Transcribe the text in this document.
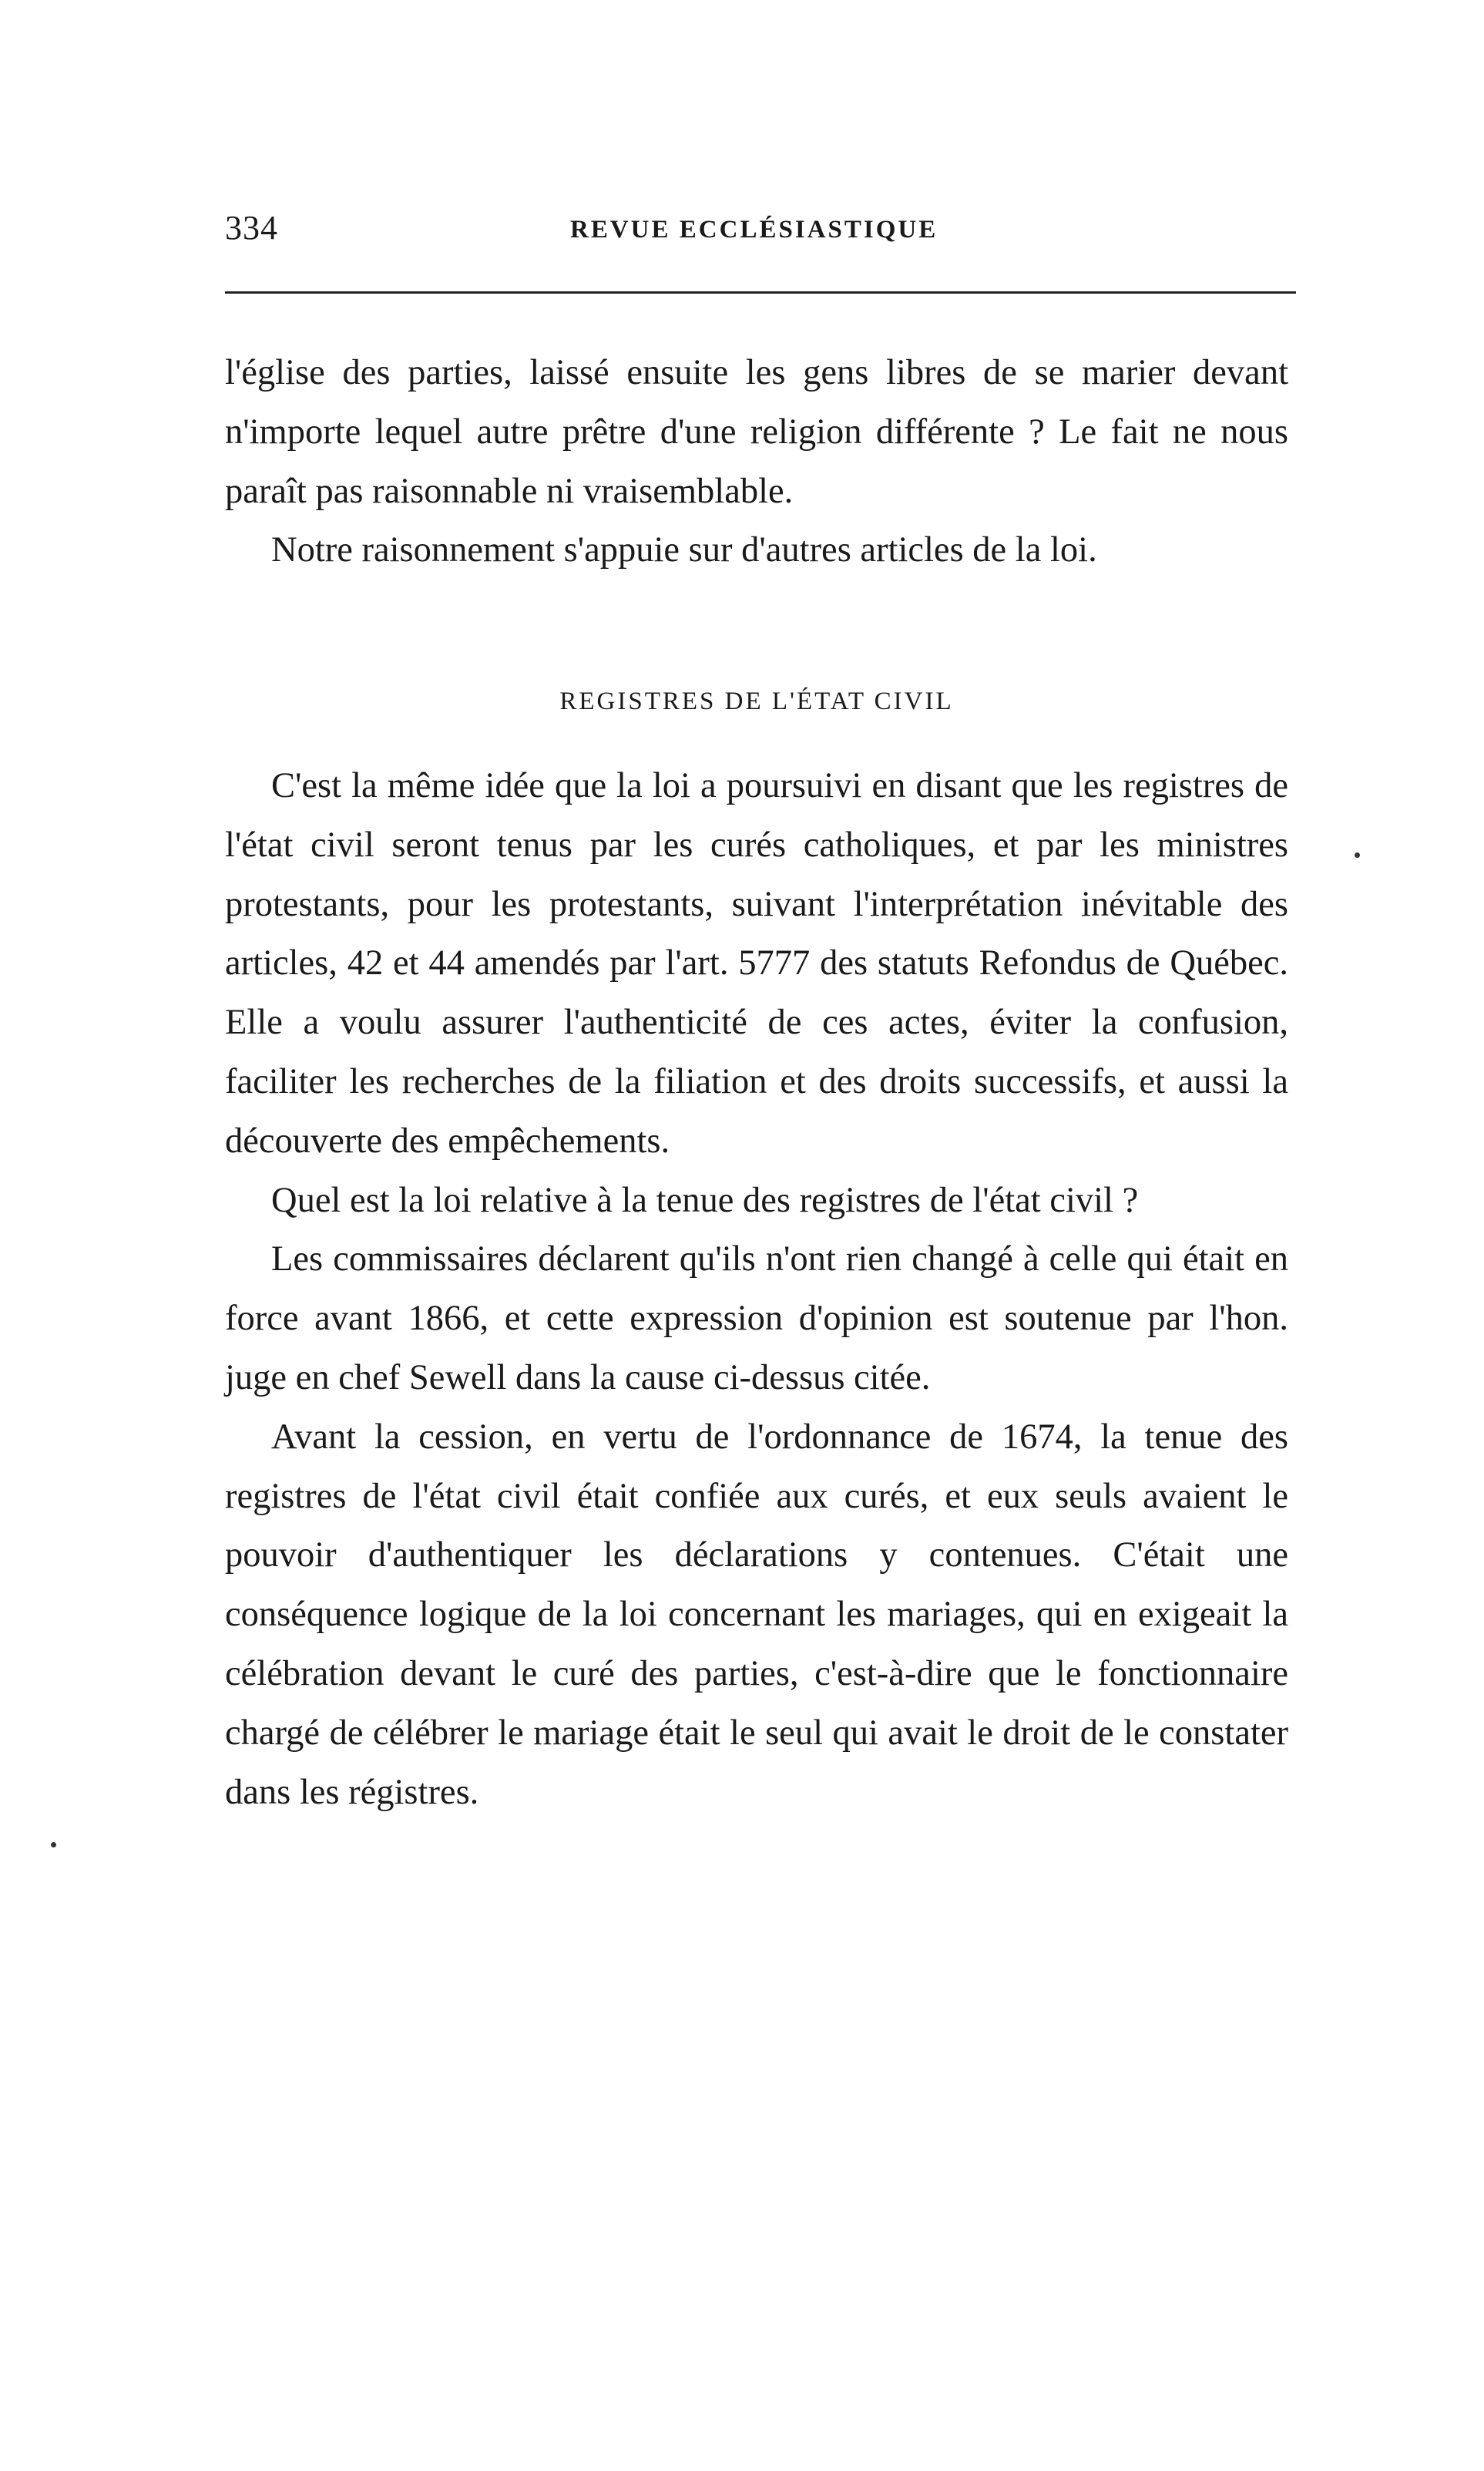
334	REVUE ECCLÉSIASTIQUE

l'église des parties, laissé ensuite les gens libres de se marier devant n'importe lequel autre prêtre d'une religion différente ? Le fait ne nous paraît pas raisonnable ni vraisemblable.

Notre raisonnement s'appuie sur d'autres articles de la loi.

REGISTRES DE L'ÉTAT CIVIL

C'est la même idée que la loi a poursuivi en disant que les registres de l'état civil seront tenus par les curés catholiques, et par les ministres protestants, pour les protestants, suivant l'interprétation inévitable des articles, 42 et 44 amendés par l'art. 5777 des statuts Refondus de Québec. Elle a voulu assurer l'authenticité de ces actes, éviter la confusion, faciliter les recherches de la filiation et des droits successifs, et aussi la découverte des empêchements.

Quel est la loi relative à la tenue des registres de l'état civil ?

Les commissaires déclarent qu'ils n'ont rien changé à celle qui était en force avant 1866, et cette expression d'opinion est soutenue par l'hon. juge en chef Sewell dans la cause ci-dessus citée.

Avant la cession, en vertu de l'ordonnance de 1674, la tenue des registres de l'état civil était confiée aux curés, et eux seuls avaient le pouvoir d'authentiquer les déclarations y contenues. C'était une conséquence logique de la loi concernant les mariages, qui en exigeait la célébration devant le curé des parties, c'est-à-dire que le fonctionnaire chargé de célébrer le mariage était le seul qui avait le droit de le constater dans les régistres.
